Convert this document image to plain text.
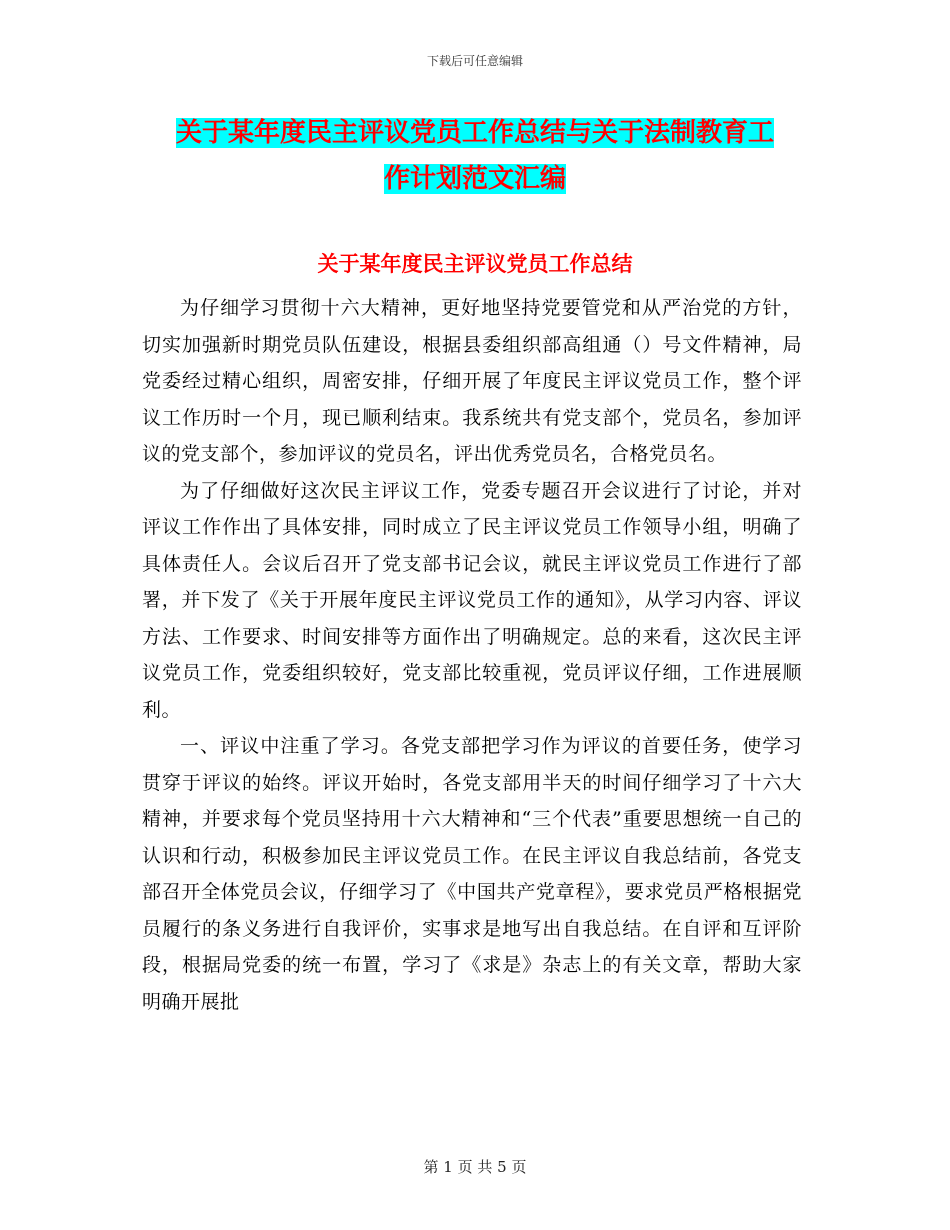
下载后可任意编辑
关于某年度民主评议党员工作总结与关于法制教育工
作计划范文汇编
关于某年度民主评议党员工作总结

为仔细学习贯彻十六大精神，更好地坚持党要管党和从严治党的方针，切实加强新时期党员队伍建设，根据县委组织部高组通（）号文件精神，局党委经过精心组织，周密安排，仔细开展了年度民主评议党员工作，整个评议工作历时一个月，现已顺利结束。我系统共有党支部个，党员名，参加评议的党支部个，参加评议的党员名，评出优秀党员名，合格党员名。

为了仔细做好这次民主评议工作，党委专题召开会议进行了讨论，并对评议工作作出了具体安排，同时成立了民主评议党员工作领导小组，明确了具体责任人。会议后召开了党支部书记会议，就民主评议党员工作进行了部署，并下发了《关于开展年度民主评议党员工作的通知》，从学习内容、评议方法、工作要求、时间安排等方面作出了明确规定。总的来看，这次民主评议党员工作，党委组织较好，党支部比较重视，党员评议仔细，工作进展顺利。

一、评议中注重了学习。各党支部把学习作为评议的首要任务，使学习贯穿于评议的始终。评议开始时，各党支部用半天的时间仔细学习了十六大精神，并要求每个党员坚持用十六大精神和“三个代表”重要思想统一自己的认识和行动，积极参加民主评议党员工作。在民主评议自我总结前，各党支部召开全体党员会议，仔细学习了《中国共产党章程》，要求党员严格根据党员履行的条义务进行自我评价，实事求是地写出自我总结。在自评和互评阶段，根据局党委的统一布置，学习了《求是》杂志上的有关文章，帮助大家明确开展批

第 1 页 共 5 页
